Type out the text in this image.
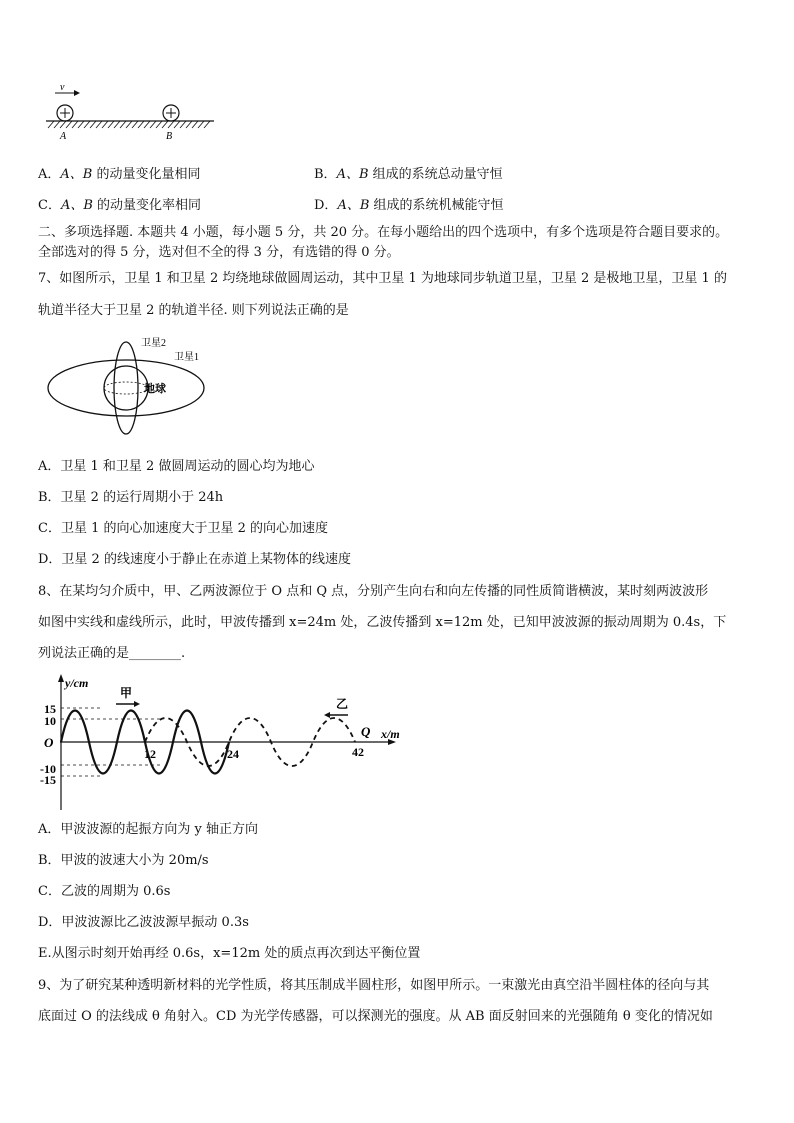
v
A	B
A．A、B 的动量变化量相同	B．A、B 组成的系统总动量守恒
C．A、B 的动量变化率相同	D．A、B 组成的系统机械能守恒
二、多项选择题. 本题共 4 小题，每小题 5 分，共 20 分。在每小题给出的四个选项中，有多个选项是符合题目要求的。
全部选对的得 5 分，选对但不全的得 3 分，有选错的得 0 分。
7、如图所示，卫星 1 和卫星 2 均绕地球做圆周运动，其中卫星 1 为地球同步轨道卫星，卫星 2 是极地卫星，卫星 1 的
轨道半径大于卫星 2 的轨道半径. 则下列说法正确的是
卫星2
卫星1
地球
A．卫星 1 和卫星 2 做圆周运动的圆心均为地心
B．卫星 2 的运行周期小于 24h
C．卫星 1 的向心加速度大于卫星 2 的向心加速度
D．卫星 2 的线速度小于静止在赤道上某物体的线速度
8、在某均匀介质中，甲、乙两波源位于 O 点和 Q 点，分别产生向右和向左传播的同性质简谐横波，某时刻两波波形
如图中实线和虚线所示，此时，甲波传播到 x=24m 处，乙波传播到 x=12m 处，已知甲波波源的振动周期为 0.4s，下
列说法正确的是________.
y/cm
x/m
O
15
10
-10
-15
12	24	42
Q
甲
乙
A．甲波波源的起振方向为 y 轴正方向
B．甲波的波速大小为 20m/s
C．乙波的周期为 0.6s
D．甲波波源比乙波波源早振动 0.3s
E.从图示时刻开始再经 0.6s，x=12m 处的质点再次到达平衡位置
9、为了研究某种透明新材料的光学性质，将其压制成半圆柱形，如图甲所示。一束激光由真空沿半圆柱体的径向与其
底面过 O 的法线成 θ 角射入。CD 为光学传感器，可以探测光的强度。从 AB 面反射回来的光强随角 θ 变化的情况如
